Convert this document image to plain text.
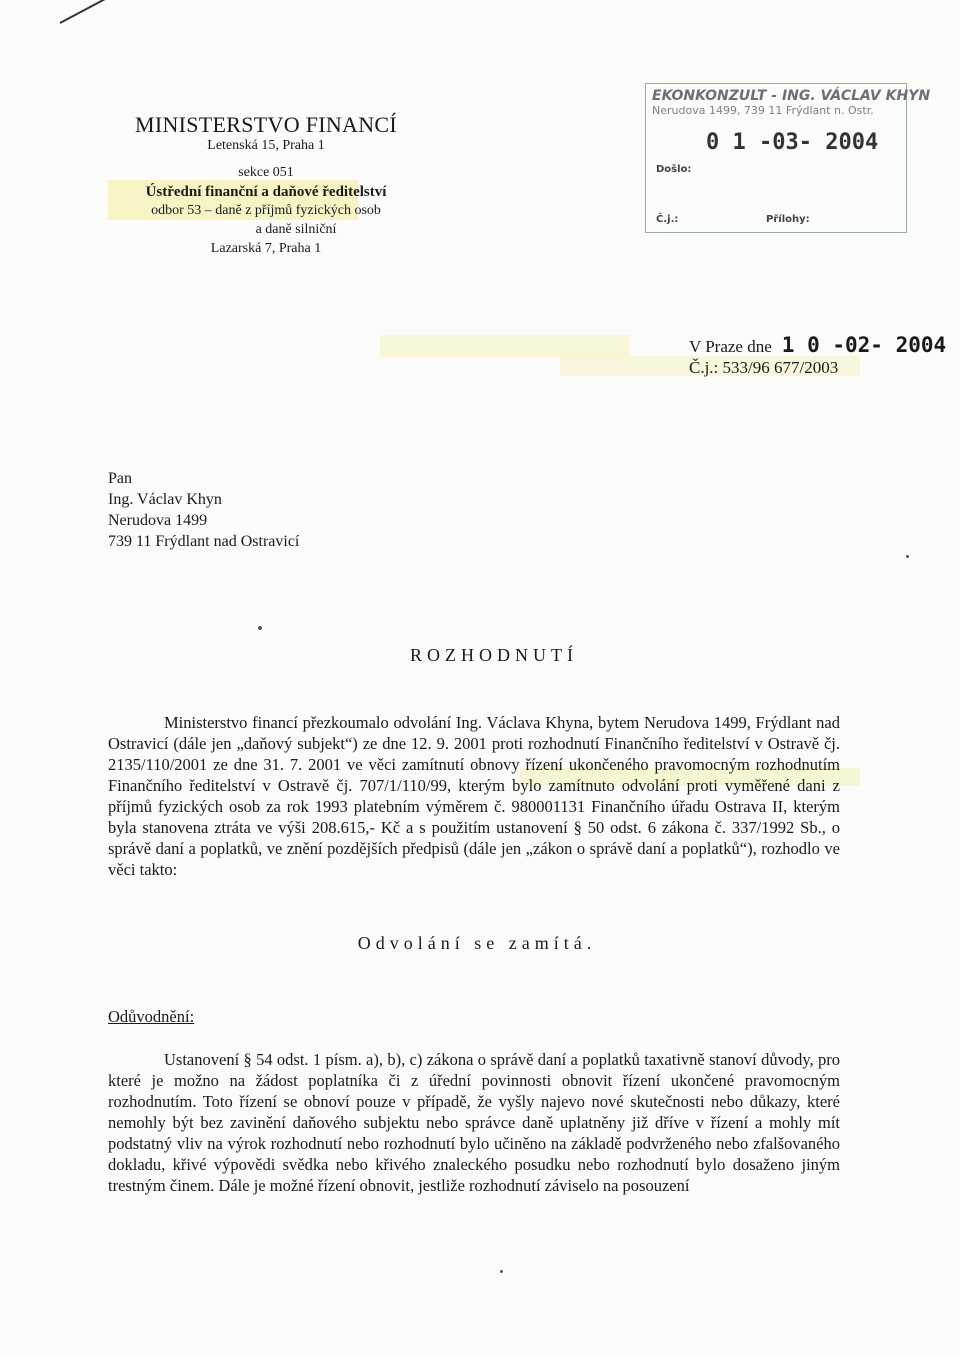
MINISTERSTVO FINANCÍ
Letenská 15, Praha 1
sekce 051
Ústřední finanční a daňové ředitelství
odbor 53 – daně z příjmů fyzických osob
a daně silniční
Lazarská 7, Praha 1
EKONKONZULT - ING. VÁCLAV KHYN
Nerudova 1499, 739 11 Frýdlant n. Ostr.
0 1 -03- 2004
Došlo:
Č.j.:	Přílohy:
V Praze dne 1 0 -02- 2004
Č.j.: 533/96 677/2003
Pan
Ing. Václav Khyn
Nerudova 1499
739 11 Frýdlant nad Ostravicí
ROZHODNUTÍ
Ministerstvo financí přezkoumalo odvolání Ing. Václava Khyna, bytem Nerudova 1499, Frýdlant nad Ostravicí (dále jen „daňový subjekt“) ze dne 12. 9. 2001 proti rozhodnutí Finančního ředitelství v Ostravě čj. 2135/110/2001 ze dne 31. 7. 2001 ve věci zamítnutí obnovy řízení ukončeného pravomocným rozhodnutím Finančního ředitelství v Ostravě čj. 707/1/110/99, kterým bylo zamítnuto odvolání proti vyměřené dani z příjmů fyzických osob za rok 1993 platebním výměrem č. 980001131 Finančního úřadu Ostrava II, kterým byla stanovena ztráta ve výši 208.615,- Kč a s použitím ustanovení § 50 odst. 6 zákona č. 337/1992 Sb., o správě daní a poplatků, ve znění pozdějších předpisů (dále jen „zákon o správě daní a poplatků“), rozhodlo ve věci takto:
Odvolání se zamítá.
Odůvodnění:
Ustanovení § 54 odst. 1 písm. a), b), c) zákona o správě daní a poplatků taxativně stanoví důvody, pro které je možno na žádost poplatníka či z úřední povinnosti obnovit řízení ukončené pravomocným rozhodnutím. Toto řízení se obnoví pouze v případě, že vyšly najevo nové skutečnosti nebo důkazy, které nemohly být bez zavinění daňového subjektu nebo správce daně uplatněny již dříve v řízení a mohly mít podstatný vliv na výrok rozhodnutí nebo rozhodnutí bylo učiněno na základě podvrženého nebo zfalšovaného dokladu, křivé výpovědi svědka nebo křivého znaleckého posudku nebo rozhodnutí bylo dosaženo jiným trestným činem. Dále je možné řízení obnovit, jestliže rozhodnutí záviselo na posouzení
